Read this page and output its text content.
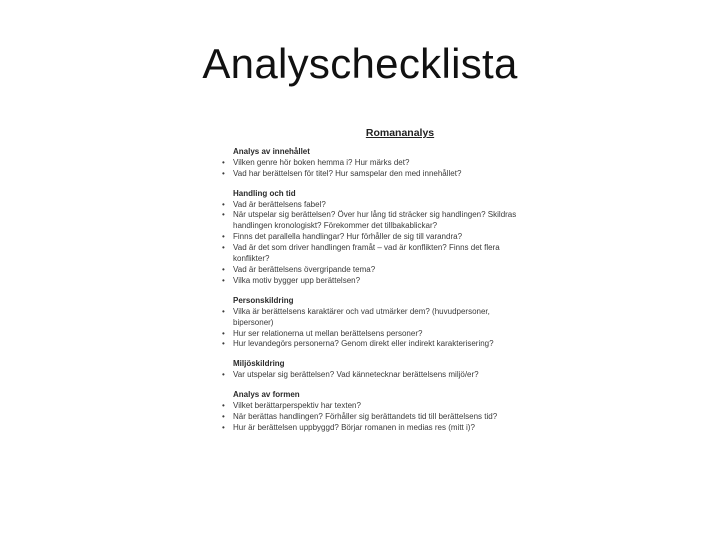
Analyschecklista
Romananalys
Analys av innehållet
• Vilken genre hör boken hemma i? Hur märks det?
• Vad har berättelsen för titel? Hur samspelar den med innehållet?
Handling och tid
• Vad är berättelsens fabel?
• När utspelar sig berättelsen? Över hur lång tid sträcker sig handlingen? Skildras handlingen kronologiskt? Förekommer det tillbakablickar?
• Finns det parallella handlingar? Hur förhåller de sig till varandra?
• Vad är det som driver handlingen framåt – vad är konflikten? Finns det flera konflikter?
• Vad är berättelsens övergripande tema?
• Vilka motiv bygger upp berättelsen?
Personskildring
• Vilka är berättelsens karaktärer och vad utmärker dem? (huvudpersoner, bipersoner)
• Hur ser relationerna ut mellan berättelsens personer?
• Hur levandegörs personerna? Genom direkt eller indirekt karakterisering?
Miljöskildring
• Var utspelar sig berättelsen? Vad kännetecknar berättelsens miljö/er?
Analys av formen
• Vilket berättarperspektiv har texten?
• När berättas handlingen? Förhåller sig berättandets tid till berättelsens tid?
• Hur är berättelsen uppbyggd? Börjar romanen in medias res (mitt i)?
